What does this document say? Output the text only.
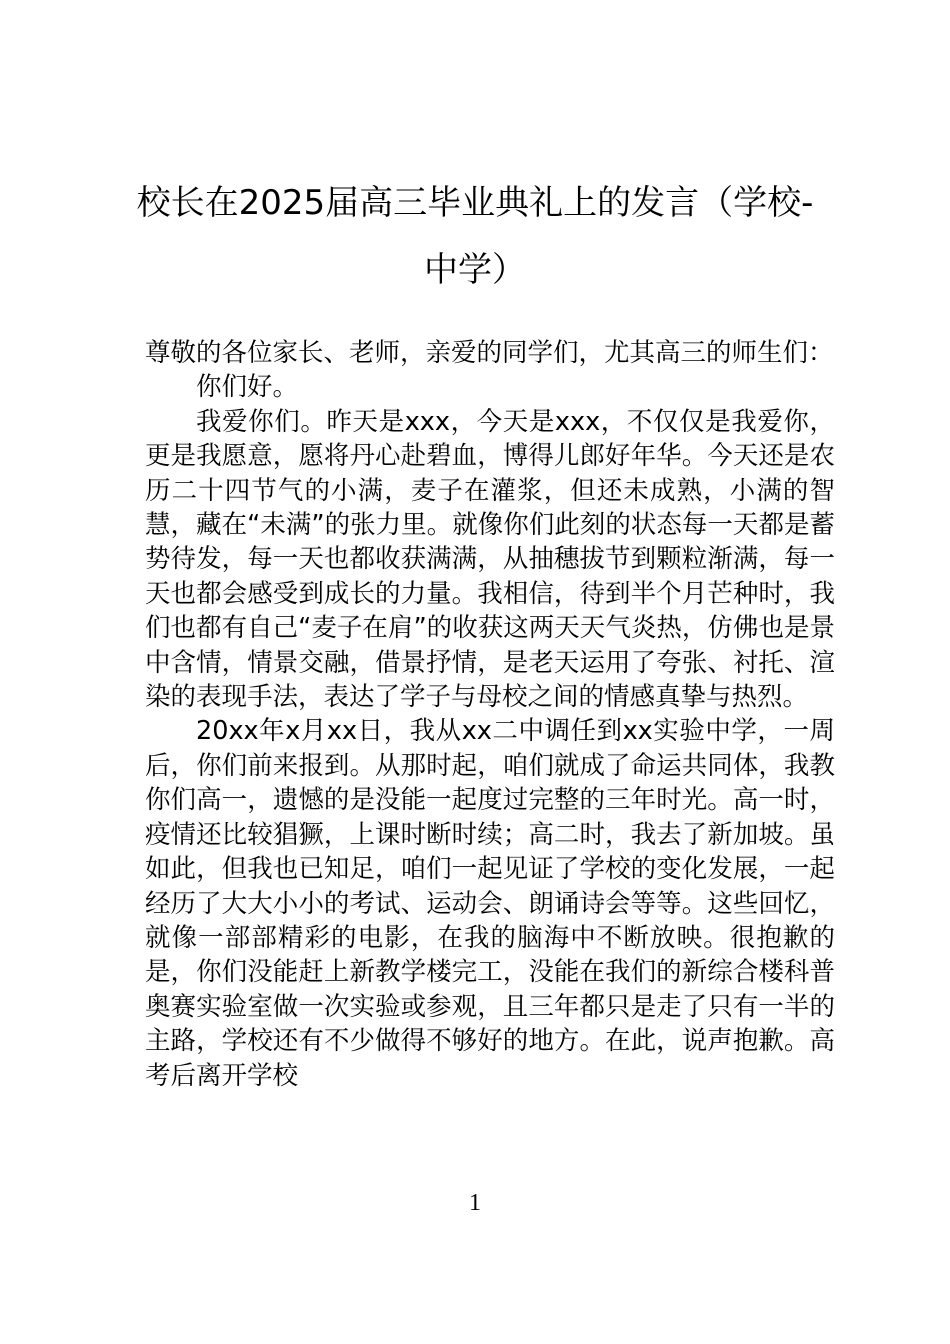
校长在2025届高三毕业典礼上的发言（学校-中学）

尊敬的各位家长、老师，亲爱的同学们，尤其高三的师生们：

你们好。

我爱你们。昨天是xxx，今天是xxx，不仅仅是我爱你，更是我愿意，愿将丹心赴碧血，博得儿郎好年华。今天还是农历二十四节气的小满，麦子在灌浆，但还未成熟，小满的智慧，藏在“未满”的张力里。就像你们此刻的状态每一天都是蓄势待发，每一天也都收获满满，从抽穗拔节到颗粒渐满，每一天也都会感受到成长的力量。我相信，待到半个月芒种时，我们也都有自己“麦子在肩”的收获这两天天气炎热，仿佛也是景中含情，情景交融，借景抒情，是老天运用了夸张、衬托、渲染的表现手法，表达了学子与母校之间的情感真挚与热烈。

20xx年x月xx日，我从xx二中调任到xx实验中学，一周后，你们前来报到。从那时起，咱们就成了命运共同体，我教你们高一，遗憾的是没能一起度过完整的三年时光。高一时，疫情还比较猖獗，上课时断时续；高二时，我去了新加坡。虽如此，但我也已知足，咱们一起见证了学校的变化发展，一起经历了大大小小的考试、运动会、朗诵诗会等等。这些回忆，就像一部部精彩的电影，在我的脑海中不断放映。很抱歉的是，你们没能赶上新教学楼完工，没能在我们的新综合楼科普奥赛实验室做一次实验或参观，且三年都只是走了只有一半的主路，学校还有不少做得不够好的地方。在此，说声抱歉。高考后离开学校

1
